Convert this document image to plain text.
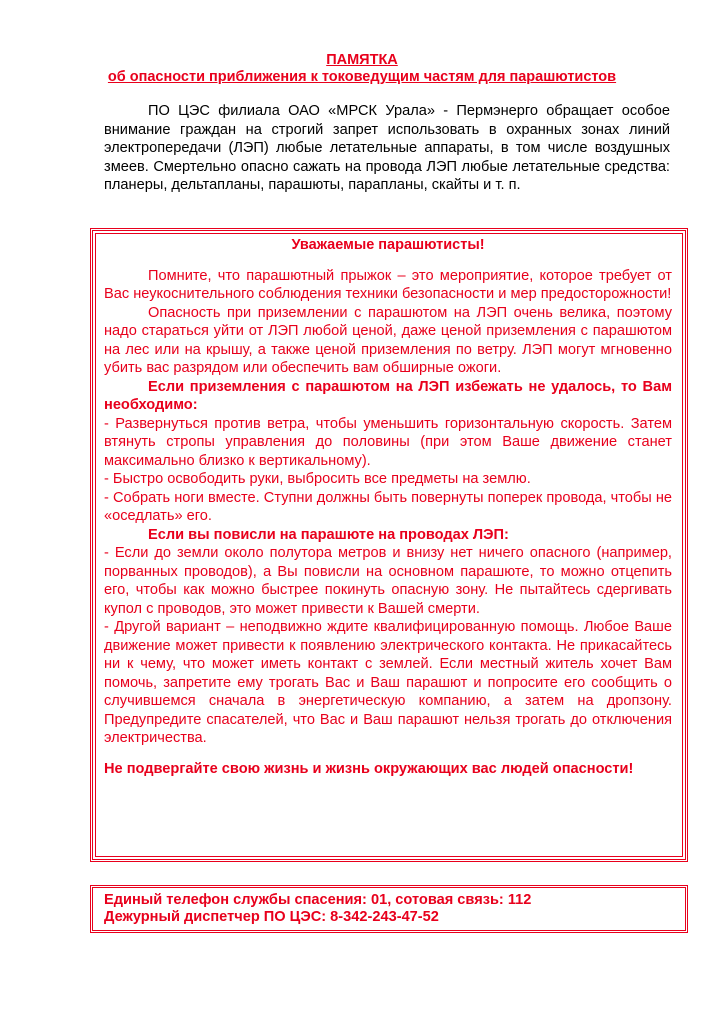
ПАМЯТКА
об опасности приближения к токоведущим частям для парашютистов
ПО ЦЭС филиала ОАО «МРСК Урала» - Пермэнерго обращает особое внимание граждан на строгий запрет использовать в охранных зонах линий электропередачи (ЛЭП) любые летательные аппараты, в том числе воздушных змеев. Смертельно опасно сажать на провода ЛЭП любые летательные средства: планеры, дельтапланы, парашюты, парапланы, скайты и т. п.

Уважаемые парашютисты!

Помните, что парашютный прыжок – это мероприятие, которое требует от Вас неукоснительного соблюдения техники безопасности и мер предосторожности!

Опасность при приземлении с парашютом на ЛЭП очень велика, поэтому надо стараться уйти от ЛЭП любой ценой, даже ценой приземления с парашютом на лес или на крышу, а также ценой приземления по ветру. ЛЭП могут мгновенно убить вас разрядом или обеспечить вам обширные ожоги.

Если приземления с парашютом на ЛЭП избежать не удалось, то Вам необходимо:

- Развернуться против ветра, чтобы уменьшить горизонтальную скорость. Затем втянуть стропы управления до половины (при этом Ваше движение станет максимально близко к вертикальному).

- Быстро освободить руки, выбросить все предметы на землю.

- Собрать ноги вместе. Ступни должны быть повернуты поперек провода, чтобы не «оседлать» его.

Если вы повисли на парашюте на проводах ЛЭП:

- Если до земли около полутора метров и внизу нет ничего опасного (например, порванных проводов), а Вы повисли на основном парашюте, то можно отцепить его, чтобы как можно быстрее покинуть опасную зону. Не пытайтесь сдергивать купол с проводов, это может привести к Вашей смерти.

- Другой вариант – неподвижно ждите квалифицированную помощь. Любое Ваше движение может привести к появлению электрического контакта. Не прикасайтесь ни к чему, что может иметь контакт с землей. Если местный житель хочет Вам помочь, запретите ему трогать Вас и Ваш парашют и попросите его сообщить о случившемся сначала в энергетическую компанию, а затем на дропзону. Предупредите спасателей, что Вас и Ваш парашют нельзя трогать до отключения электричества.

Не подвергайте свою жизнь и жизнь окружающих вас людей опасности!

Единый телефон службы спасения: 01, сотовая связь: 112
Дежурный диспетчер ПО ЦЭС: 8-342-243-47-52
